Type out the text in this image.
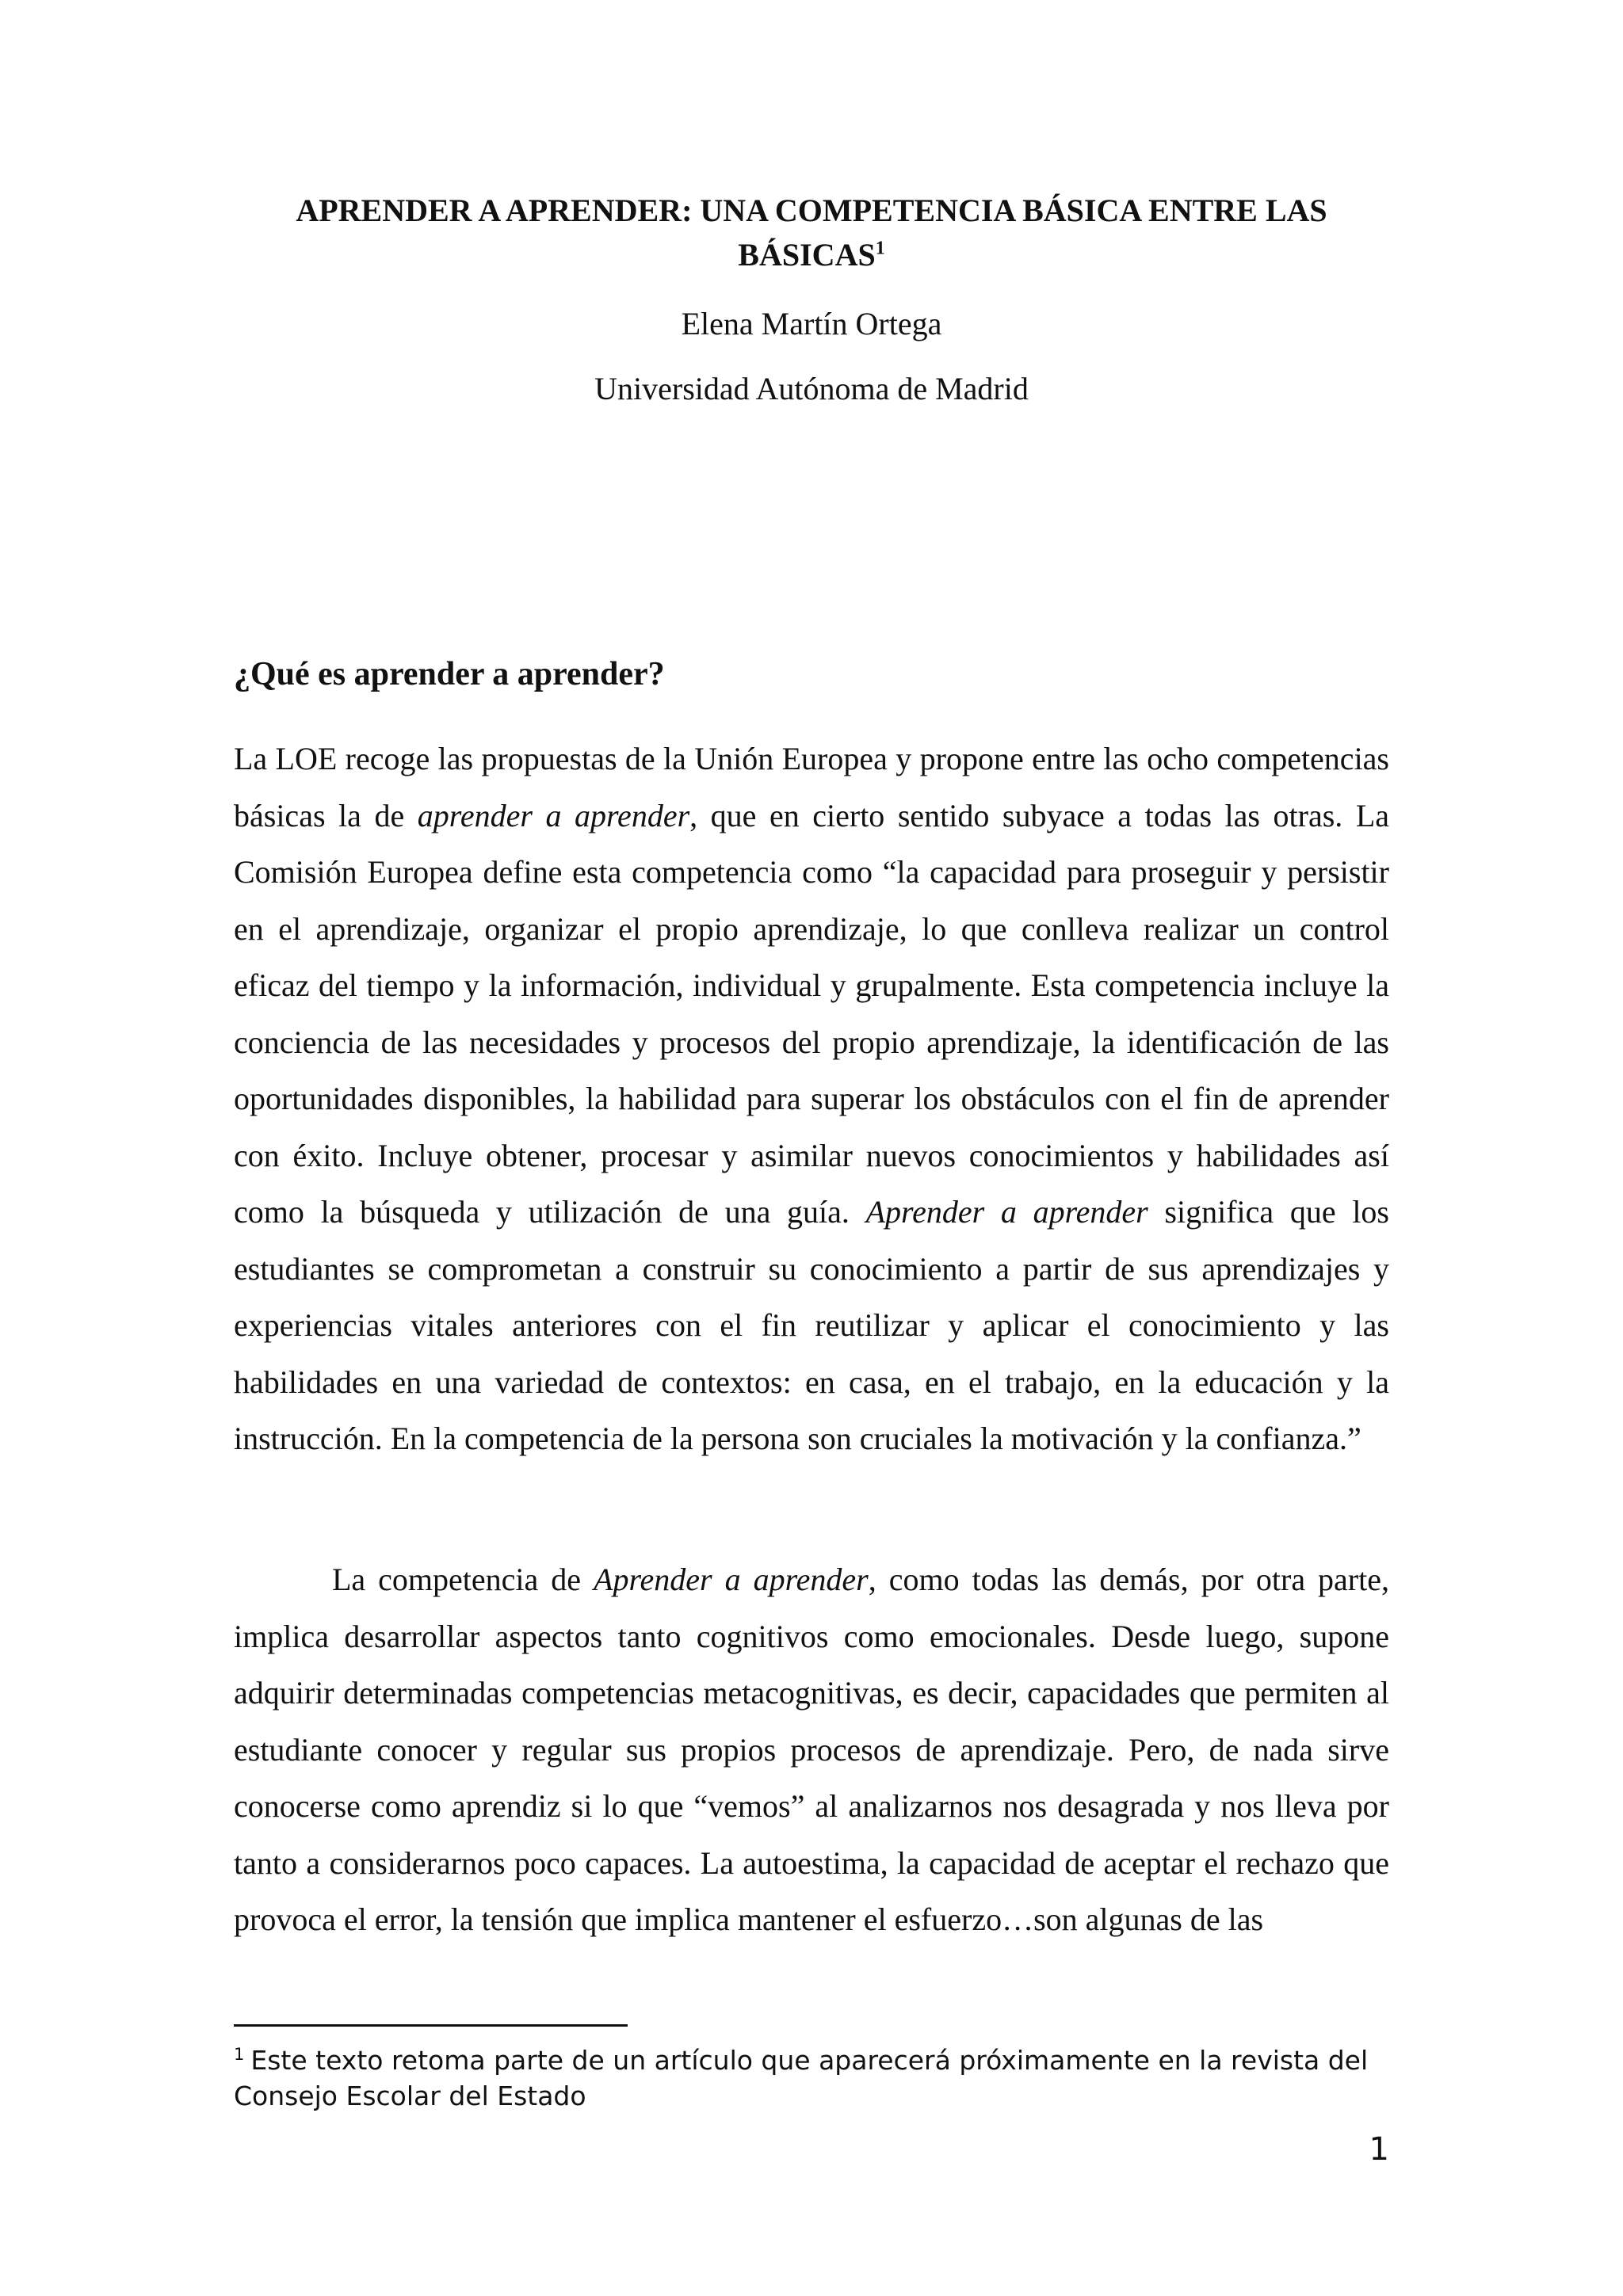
APRENDER A APRENDER: UNA COMPETENCIA BÁSICA ENTRE LAS BÁSICAS$^1$

Elena Martín Ortega

Universidad Autónoma de Madrid

¿Qué es aprender a aprender?

La LOE recoge las propuestas de la Unión Europea y propone entre las ocho competencias básicas la de aprender a aprender, que en cierto sentido subyace a todas las otras. La Comisión Europea define esta competencia como “la capacidad para proseguir y persistir en el aprendizaje, organizar el propio aprendizaje, lo que conlleva realizar un control eficaz del tiempo y la información, individual y grupalmente. Esta competencia incluye la conciencia de las necesidades y procesos del propio aprendizaje, la identificación de las oportunidades disponibles, la habilidad para superar los obstáculos con el fin de aprender con éxito. Incluye obtener, procesar y asimilar nuevos conocimientos y habilidades así como la búsqueda y utilización de una guía. Aprender a aprender significa que los estudiantes se comprometan a construir su conocimiento a partir de sus aprendizajes y experiencias vitales anteriores con el fin reutilizar y aplicar el conocimiento y las habilidades en una variedad de contextos: en casa, en el trabajo, en la educación y la instrucción. En la competencia de la persona son cruciales la motivación y la confianza.”

La competencia de Aprender a aprender, como todas las demás, por otra parte, implica desarrollar aspectos tanto cognitivos como emocionales. Desde luego, supone adquirir determinadas competencias metacognitivas, es decir, capacidades que permiten al estudiante conocer y regular sus propios procesos de aprendizaje. Pero, de nada sirve conocerse como aprendiz si lo que “vemos” al analizarnos nos desagrada y nos lleva por tanto a considerarnos poco capaces. La autoestima, la capacidad de aceptar el rechazo que provoca el error, la tensión que implica mantener el esfuerzo…son algunas de las

$^1$ Este texto retoma parte de un artículo que aparecerá próximamente en la revista del Consejo Escolar del Estado

1
